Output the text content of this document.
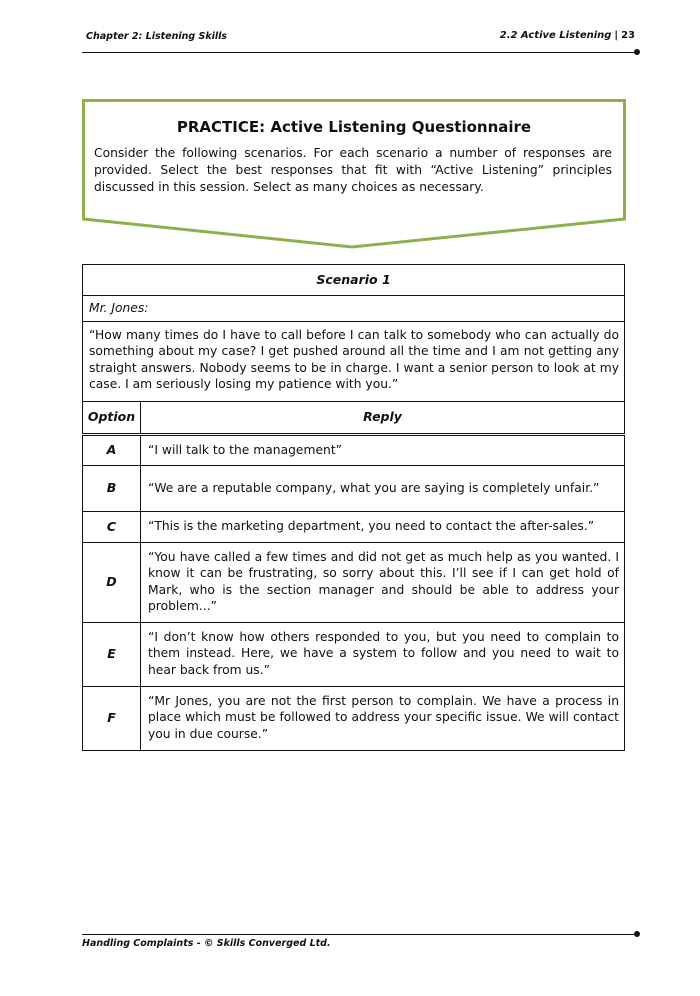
Chapter 2: Listening Skills	2.2 Active Listening | 23
PRACTICE: Active Listening Questionnaire
Consider the following scenarios. For each scenario a number of responses are provided. Select the best responses that fit with “Active Listening” principles discussed in this session. Select as many choices as necessary.
Scenario 1	

Mr. Jones:
“How many times do I have to call before I can talk to somebody who can actually do something about my case? I get pushed around all the time and I am not getting any straight answers. Nobody seems to be in charge. I want a senior person to look at my case. I am seriously losing my patience with you.”	

Option	Reply
A	“I will talk to the management”
B	“We are a reputable company, what you are saying is completely unfair.”
C	“This is the marketing department, you need to contact the after-sales.”
D	“You have called a few times and did not get as much help as you wanted. I know it can be frustrating, so sorry about this. I’ll see if I can get hold of Mark, who is the section manager and should be able to address your problem...”
E	“I don’t know how others responded to you, but you need to complain to them instead. Here, we have a system to follow and you need to wait to hear back from us.”
F	“Mr Jones, you are not the first person to complain. We have a process in place which must be followed to address your specific issue. We will contact you in due course.”
Handling Complaints - © Skills Converged Ltd.
